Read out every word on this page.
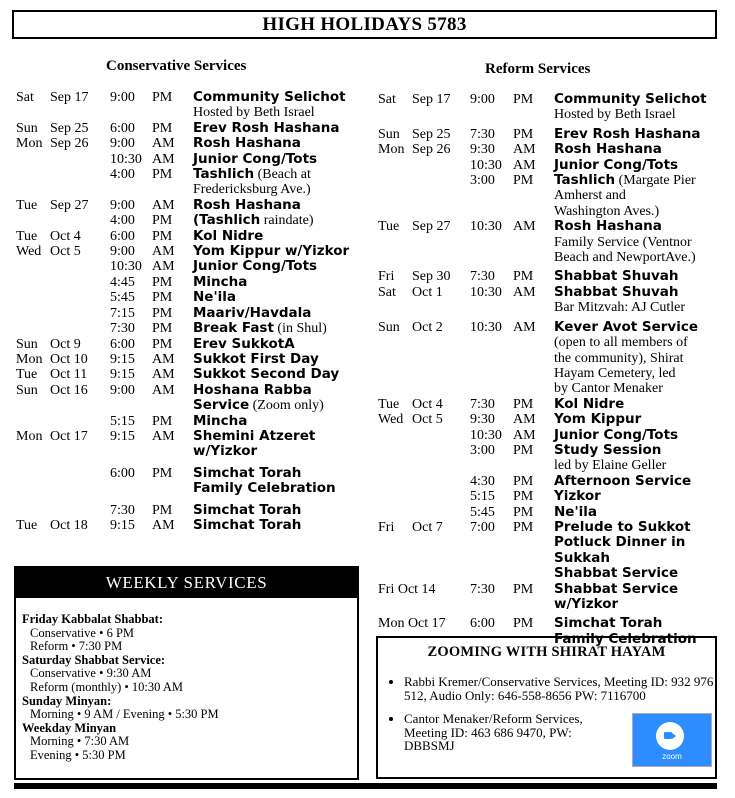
HIGH HOLIDAYS 5783
Conservative Services	Reform Services
Sat Sep 17 9:00 PM Community Selichot
Hosted by Beth Israel
Sun Sep 25 6:00 PM Erev Rosh Hashana
Mon Sep 26 9:00 AM Rosh Hashana
10:30 AM Junior Cong/Tots
4:00 PM Tashlich (Beach at
Fredericksburg Ave.)
Tue Sep 27 9:00 AM Rosh Hashana
4:00 PM (Tashlich raindate)
Tue Oct 4 6:00 PM Kol Nidre
Wed Oct 5 9:00 AM Yom Kippur w/Yizkor
10:30 AM Junior Cong/Tots
4:45 PM Mincha
5:45 PM Ne'ila
7:15 PM Maariv/Havdala
7:30 PM Break Fast (in Shul)
Sun Oct 9 6:00 PM Erev SukkotA
Mon Oct 10 9:15 AM Sukkot First Day
Tue Oct 11 9:15 AM Sukkot Second Day
Sun Oct 16 9:00 AM Hoshana Rabba
Service (Zoom only)
5:15 PM Mincha
Mon Oct 17 9:15 AM Shemini Atzeret
w/Yizkor
6:00 PM Simchat Torah
Family Celebration
7:30 PM Simchat Torah
Tue Oct 18 9:15 AM Simchat Torah
Sat Sep 17 9:00 PM Community Selichot
Hosted by Beth Israel
Sun Sep 25 7:30 PM Erev Rosh Hashana
Mon Sep 26 9:30 AM Rosh Hashana
10:30 AM Junior Cong/Tots
3:00 PM Tashlich (Margate Pier
Amherst and
Washington Aves.)
Tue Sep 27 10:30 AM Rosh Hashana
Family Service (Ventnor
Beach and NewportAve.)
Fri Sep 30 7:30 PM Shabbat Shuvah
Sat Oct 1 10:30 AM Shabbat Shuvah
Bar Mitzvah: AJ Cutler
Sun Oct 2 10:30 AM Kever Avot Service
(open to all members of
the community), Shirat
Hayam Cemetery, led
by Cantor Menaker
Tue Oct 4 7:30 PM Kol Nidre
Wed Oct 5 9:30 AM Yom Kippur
10:30 AM Junior Cong/Tots
3:00 PM Study Session
led by Elaine Geller
4:30 PM Afternoon Service
5:15 PM Yizkor
5:45 PM Ne'ila
Fri Oct 7 7:00 PM Prelude to Sukkot
Potluck Dinner in
Sukkah
Shabbat Service
Fri Oct 14 7:30 PM Shabbat Service
w/Yizkor
Mon Oct 17 6:00 PM Simchat Torah
Family Celebration
WEEKLY SERVICES
Friday Kabbalat Shabbat:
Conservative • 6 PM
Reform • 7:30 PM
Saturday Shabbat Service:
Conservative • 9:30 AM
Reform (monthly) • 10:30 AM
Sunday Minyan:
Morning • 9 AM / Evening • 5:30 PM
Weekday Minyan
Morning • 7:30 AM
Evening • 5:30 PM
ZOOMING WITH SHIRAT HAYAM
• Rabbi Kremer/Conservative Services, Meeting ID: 932 976 512, Audio Only: 646-558-8656 PW: 7116700
• Cantor Menaker/Reform Services, Meeting ID: 463 686 9470, PW: DBBSMJ
zoom
